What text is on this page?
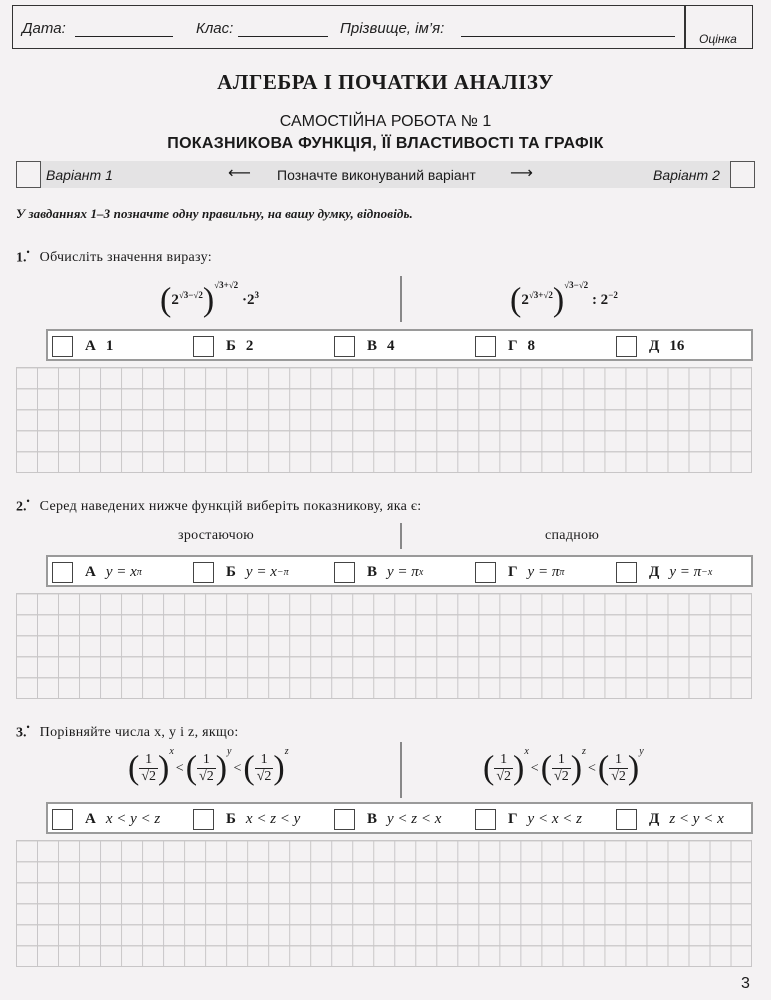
Дата:	Клас:	Прізвище, ім’я:
Оцінка
АЛГЕБРА І ПОЧАТКИ АНАЛІЗУ
САМОСТІЙНА РОБОТА № 1
ПОКАЗНИКОВА ФУНКЦІЯ, ЇЇ ВЛАСТИВОСТІ ТА ГРАФІК
Варіант 1	⟵ Позначте виконуваний варіант ⟶	Варіант 2
У завданнях 1–3 позначте одну правильну, на вашу думку, відповідь.
1.• Обчисліть значення виразу:
$(2^{√3-√2})^{√3+√2} \cdot 2^3$	$(2^{√3+√2})^{√3-√2}$ : $2^{-2}$
А 1	Б 2	В 4	Г 8	Д 16
2.• Серед наведених нижче функцій виберіть показникову, яка є:
зростаючою	спадною
А y = x π	Б y = x −π	В y = π x	Г y = π π	Д y = π −x
3.• Порівняйте числа x, y і z, якщо:
( $\frac{1}{√2} )^x<( \frac{1}{√2} )^y<( \frac{1}{√2} )^z$	( $\frac{1}{√2} )^x<( \frac{1}{√2} )^z<( \frac{1}{√2} )^y$
А x < y < z	Б x < z < y	В y < z < x	Г y < x < z	Д z < y < x
3
